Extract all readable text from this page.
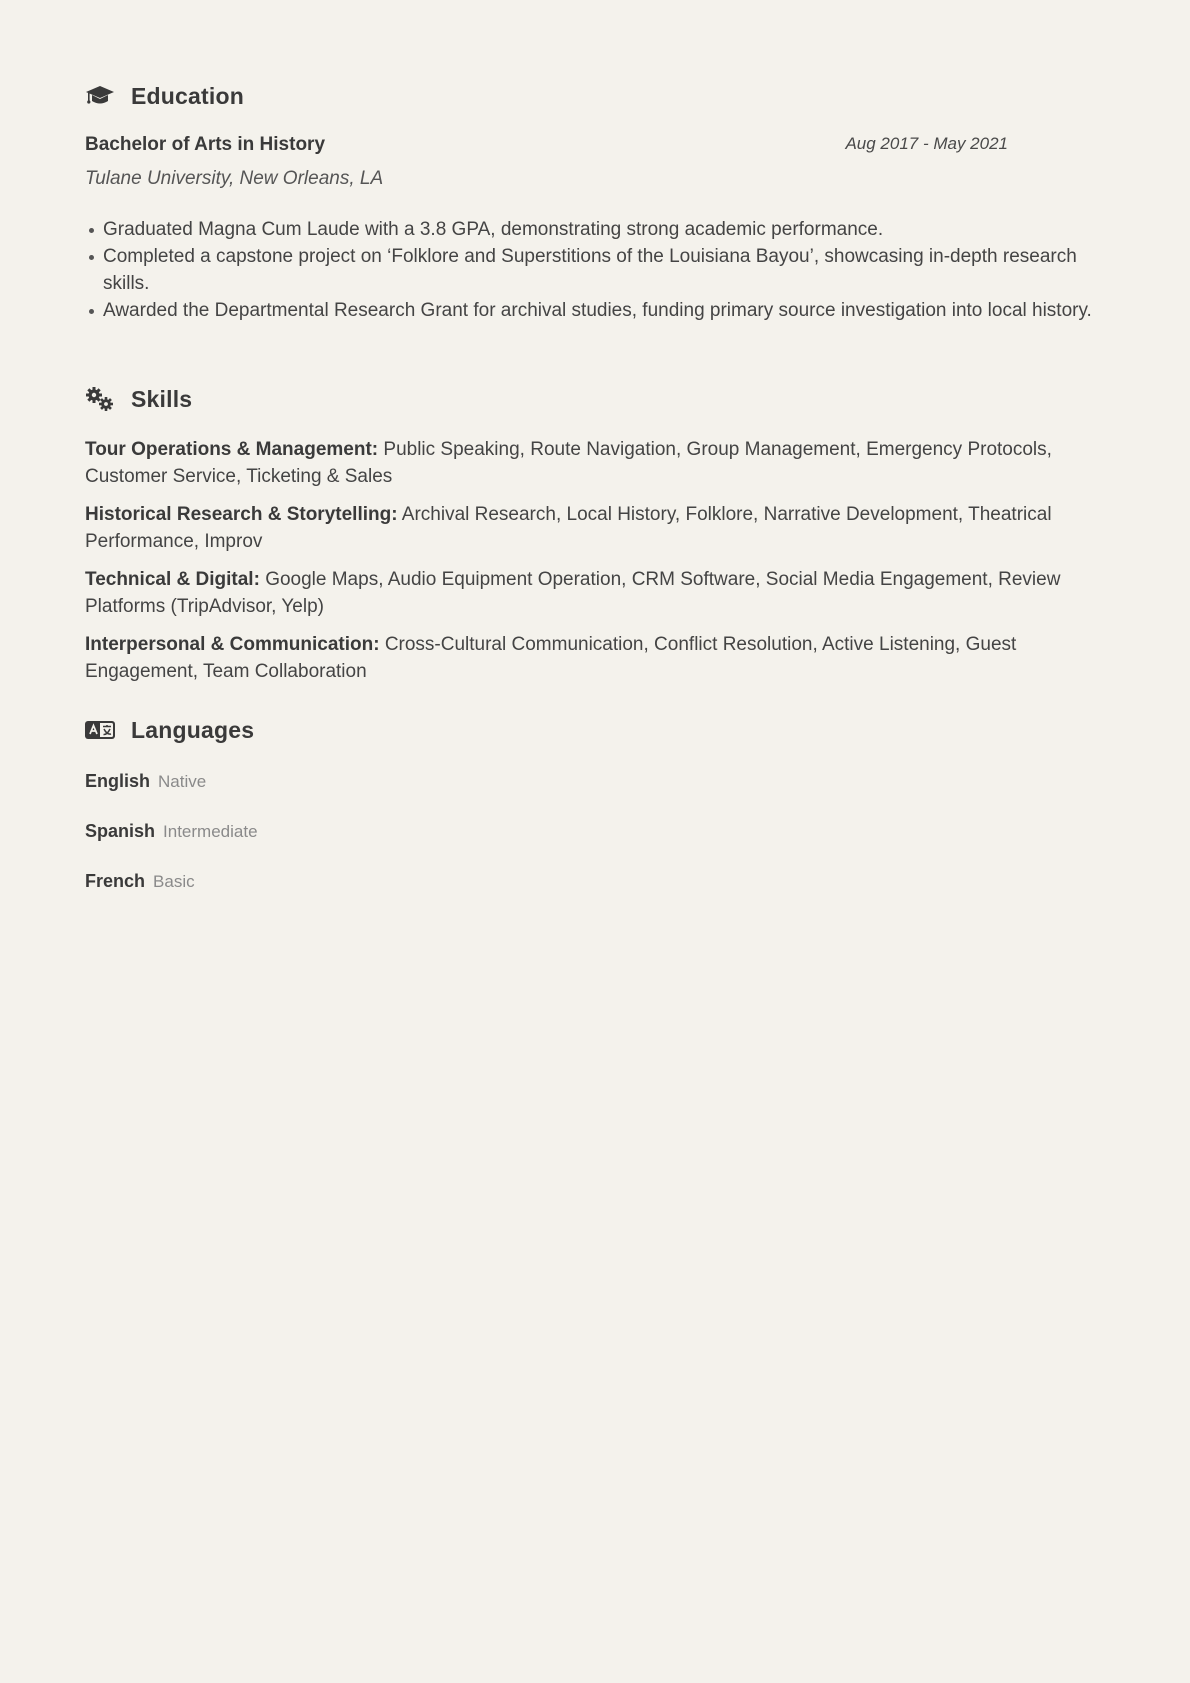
Education
Bachelor of Arts in History	Aug 2017 - May 2021
Tulane University, New Orleans, LA
Graduated Magna Cum Laude with a 3.8 GPA, demonstrating strong academic performance.
Completed a capstone project on ‘Folklore and Superstitions of the Louisiana Bayou’, showcasing in-depth research skills.
Awarded the Departmental Research Grant for archival studies, funding primary source investigation into local history.
Skills
Tour Operations & Management: Public Speaking, Route Navigation, Group Management, Emergency Protocols, Customer Service, Ticketing & Sales
Historical Research & Storytelling: Archival Research, Local History, Folklore, Narrative Development, Theatrical Performance, Improv
Technical & Digital: Google Maps, Audio Equipment Operation, CRM Software, Social Media Engagement, Review Platforms (TripAdvisor, Yelp)
Interpersonal & Communication: Cross-Cultural Communication, Conflict Resolution, Active Listening, Guest Engagement, Team Collaboration
Languages
English Native
Spanish Intermediate
French Basic
